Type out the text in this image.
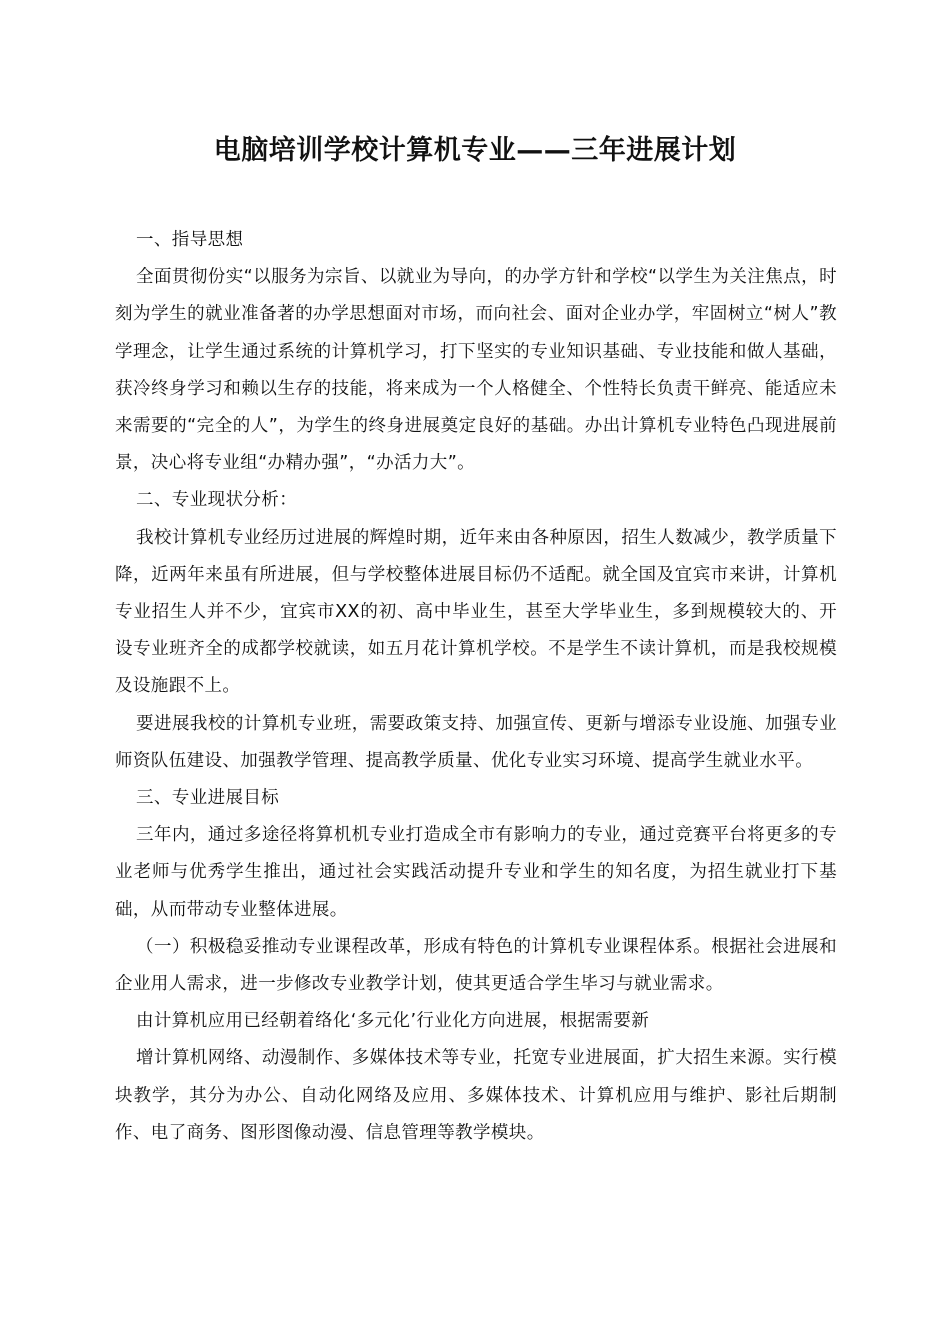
电脑培训学校计算机专业——三年进展计划

一、指导思想

全面贯彻份实“以服务为宗旨、以就业为导向，的办学方针和学校“以学生为关注焦点，时刻为学生的就业准备著的办学思想面对市场，而向社会、面对企业办学，牢固树立“树人”教学理念，让学生通过系统的计算机学习，打下坚实的专业知识基础、专业技能和做人基础，获冷终身学习和赖以生存的技能，将来成为一个人格健全、个性特长负责干鲜亮、能适应未来需要的“完全的人”，为学生的终身进展奠定良好的基础。办出计算机专业特色凸现进展前景，决心将专业组“办精办强”，“办活力大”。

二、专业现状分析：

我校计算机专业经历过进展的辉煌时期，近年来由各种原因，招生人数减少，教学质量下降，近两年来虽有所进展，但与学校整体进展目标仍不适配。就全国及宜宾市来讲，计算机专业招生人并不少，宜宾市XX的初、高中毕业生，甚至大学毕业生，多到规模较大的、开设专业班齐全的成都学校就读，如五月花计算机学校。不是学生不读计算机，而是我校规模及设施跟不上。

要进展我校的计算机专业班，需要政策支持、加强宣传、更新与增添专业设施、加强专业师资队伍建设、加强教学管理、提高教学质量、优化专业实习环境、提高学生就业水平。

三、专业进展目标

三年内，通过多途径将算机机专业打造成全市有影响力的专业，通过竞赛平台将更多的专业老师与优秀学生推出，通过社会实践活动提升专业和学生的知名度，为招生就业打下基础，从而带动专业整体进展。

（一）积极稳妥推动专业课程改革，形成有特色的计算机专业课程体系。根据社会进展和企业用人需求，进一步修改专业教学计划，使其更适合学生毕习与就业需求。

由计算机应用已经朝着络化‘多元化’行业化方向进展，根据需要新

增计算机网络、动漫制作、多媒体技术等专业，托宽专业进展面，扩大招生来源。实行模块教学，其分为办公、自动化网络及应用、多媒体技术、计算机应用与维护、影社后期制作、电了商务、图形图像动漫、信息管理等教学模块。
